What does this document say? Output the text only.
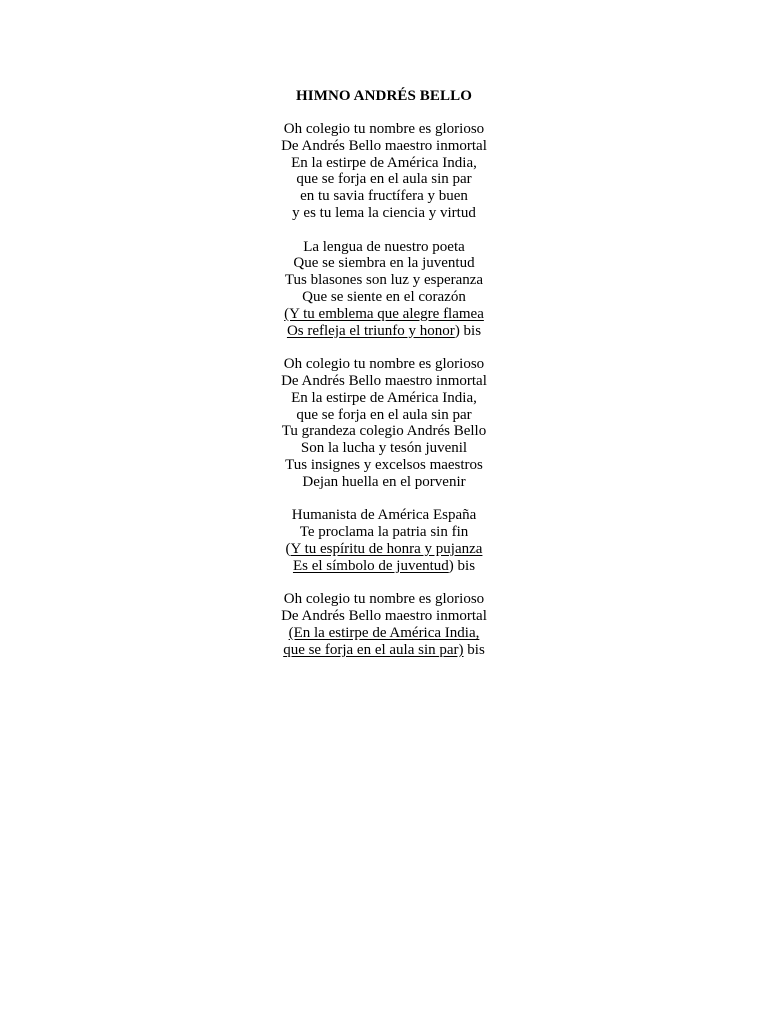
HIMNO ANDRÉS BELLO
Oh colegio tu nombre es glorioso
De Andrés Bello maestro inmortal
En la estirpe de América India,
que se forja en el aula sin par
en tu savia fructífera y buen
y es tu lema la ciencia y virtud
La lengua de nuestro poeta
Que se siembra en la juventud
Tus blasones son luz y esperanza
Que se siente en el corazón
(Y tu emblema que alegre flamea
Os refleja el triunfo y honor) bis
Oh colegio tu nombre es glorioso
De Andrés Bello maestro inmortal
En la estirpe de América India,
que se forja en el aula sin par
Tu grandeza colegio Andrés Bello
Son la lucha y tesón juvenil
Tus insignes y excelsos maestros
Dejan huella en el porvenir
Humanista de América España
Te proclama la patria sin fin
(Y tu espíritu de honra y pujanza
Es el símbolo de juventud) bis
Oh colegio tu nombre es glorioso
De Andrés Bello maestro inmortal
(En la estirpe de América India,
que se forja en el aula sin par) bis
